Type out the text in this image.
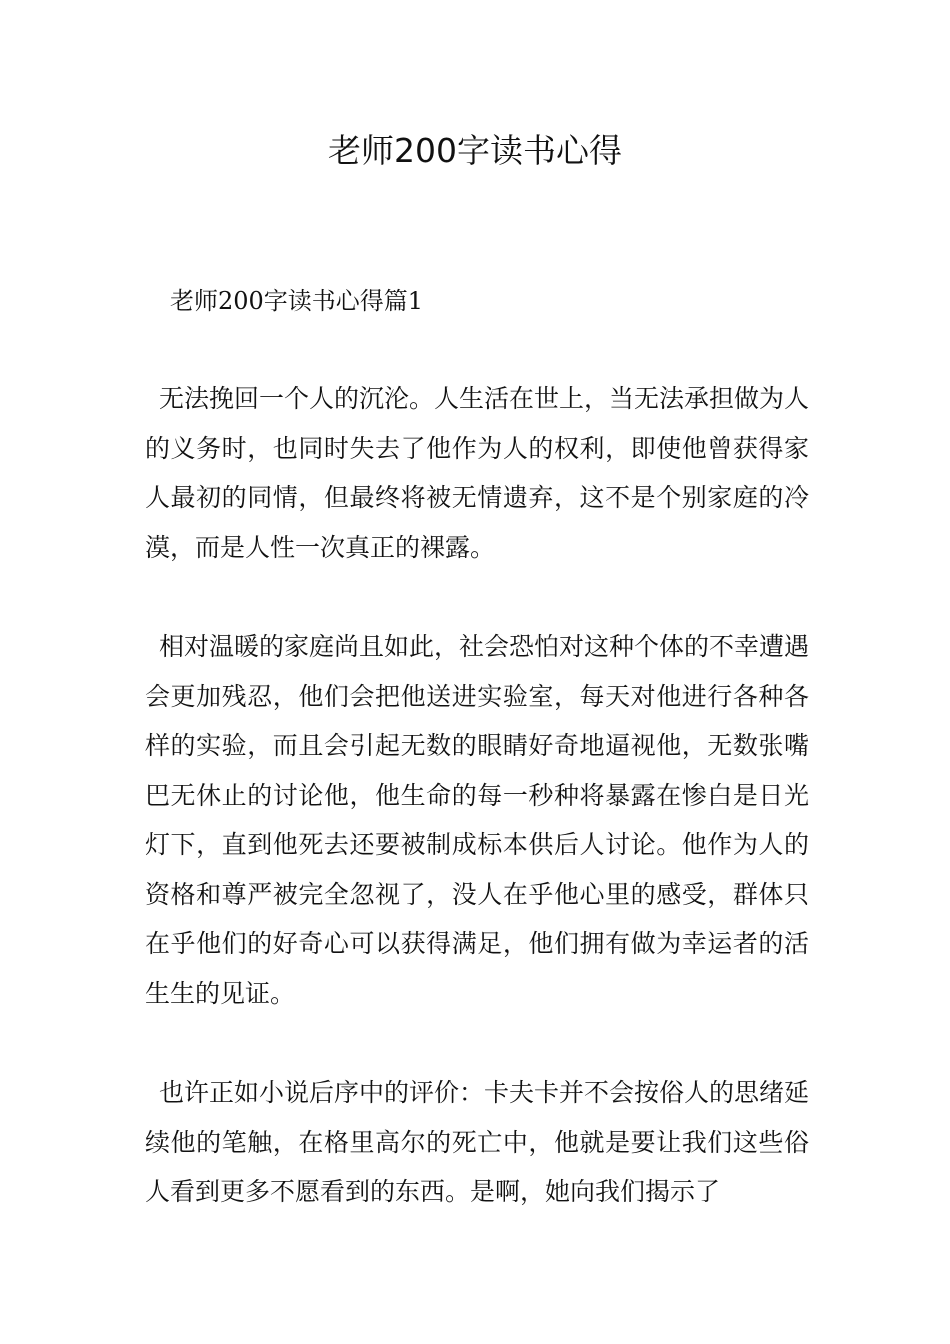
老师200字读书心得

老师200字读书心得篇1

无法挽回一个人的沉沦。人生活在世上，当无法承担做为人的义务时，也同时失去了他作为人的权利，即使他曾获得家人最初的同情，但最终将被无情遗弃，这不是个别家庭的冷漠，而是人性一次真正的裸露。

相对温暖的家庭尚且如此，社会恐怕对这种个体的不幸遭遇会更加残忍，他们会把他送进实验室，每天对他进行各种各样的实验，而且会引起无数的眼睛好奇地逼视他，无数张嘴巴无休止的讨论他，他生命的每一秒种将暴露在惨白是日光灯下，直到他死去还要被制成标本供后人讨论。他作为人的资格和尊严被完全忽视了，没人在乎他心里的感受，群体只在乎他们的好奇心可以获得满足，他们拥有做为幸运者的活生生的见证。

也许正如小说后序中的评价：卡夫卡并不会按俗人的思绪延续他的笔触，在格里高尔的死亡中，他就是要让我们这些俗人看到更多不愿看到的东西。是啊，她向我们揭示了
